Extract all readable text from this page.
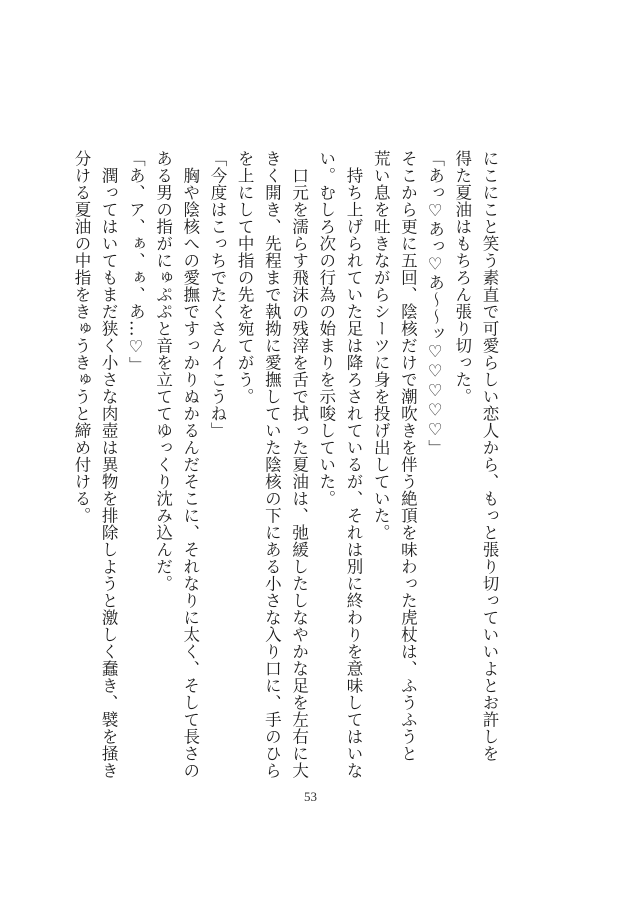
にこにこと笑う素直で可愛らしい恋人から、もっと張り切っていいよとお許しを
得た夏油はもちろん張り切った。
「あっ♡あっ♡あ〜〜ッ♡♡♡♡♡」
そこから更に五回、陰核だけで潮吹きを伴う絶頂を味わった虎杖は、ふうふうと
荒い息を吐きながらシーツに身を投げ出していた。
　持ち上げられていた足は降ろされているが、それは別に終わりを意味してはいな
い。むしろ次の行為の始まりを示唆していた。
　口元を濡らす飛沫の残滓を舌で拭った夏油は、弛緩したしなやかな足を左右に大
きく開き、先程まで執拗に愛撫していた陰核の下にある小さな入り口に、手のひら
を上にして中指の先を宛てがう。
「今度はこっちでたくさんイこうね」
　胸や陰核への愛撫ですっかりぬかるんだそこに、それなりに太く、そして長さの
ある男の指がにゅぷぷと音を立ててゆっくり沈み込んだ。
「あ、ア、ぁ、ぁ、あ…♡」
　潤ってはいてもまだ狭く小さな肉壺は異物を排除しようと激しく蠢き、襞を掻き
分ける夏油の中指をきゅうきゅうと締め付ける。
53
